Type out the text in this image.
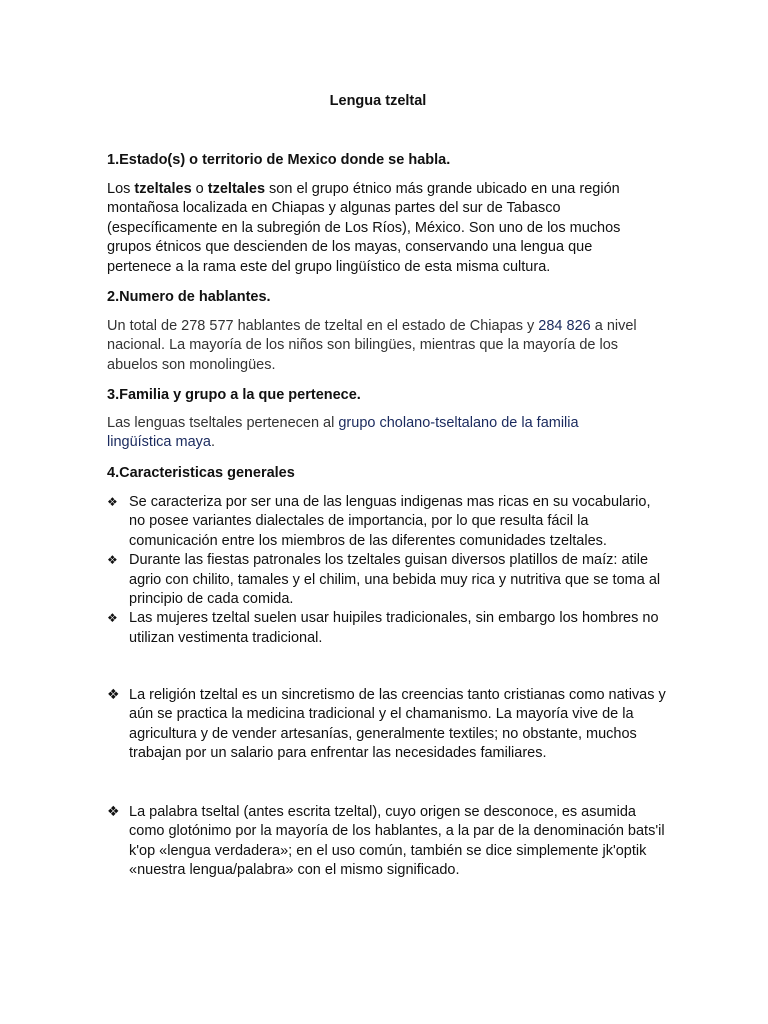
Lengua tzeltal
1.Estado(s) o territorio de Mexico donde se habla.
Los tzeltales o tzeltales son el grupo étnico más grande ubicado en una región montañosa localizada en Chiapas y algunas partes del sur de Tabasco (específicamente en la subregión de Los Ríos), México. Son uno de los muchos grupos étnicos que descienden de los mayas, conservando una lengua que pertenece a la rama este del grupo lingüístico de esta misma cultura.
2.Numero de hablantes.
Un total de 278 577 hablantes de tzeltal en el estado de Chiapas y 284 826 a nivel nacional. La mayoría de los niños son bilingües, mientras que la mayoría de los abuelos son monolingües.
3.Familia y grupo a la que pertenece.
Las lenguas tseltales pertenecen al grupo cholano-tseltalano de la familia lingüística maya.
4.Caracteristicas generales
❖ Se caracteriza por ser una de las lenguas indigenas mas ricas en su vocabulario, no posee variantes dialectales de importancia, por lo que resulta fácil la comunicación entre los miembros de las diferentes comunidades tzeltales.
❖ Durante las fiestas patronales los tzeltales guisan diversos platillos de maíz: atile agrio con chilito, tamales y el chilim, una bebida muy rica y nutritiva que se toma al principio de cada comida.
❖ Las mujeres tzeltal suelen usar huipiles tradicionales, sin embargo los hombres no utilizan vestimenta tradicional.
❖ La religión tzeltal es un sincretismo de las creencias tanto cristianas como nativas y aún se practica la medicina tradicional y el chamanismo. La mayoría vive de la agricultura y de vender artesanías, generalmente textiles; no obstante, muchos trabajan por un salario para enfrentar las necesidades familiares.
❖ La palabra tseltal (antes escrita tzeltal), cuyo origen se desconoce, es asumida como glotónimo por la mayoría de los hablantes, a la par de la denominación bats'il k'op «lengua verdadera»; en el uso común, también se dice simplemente jk'optik «nuestra lengua/palabra» con el mismo significado.
